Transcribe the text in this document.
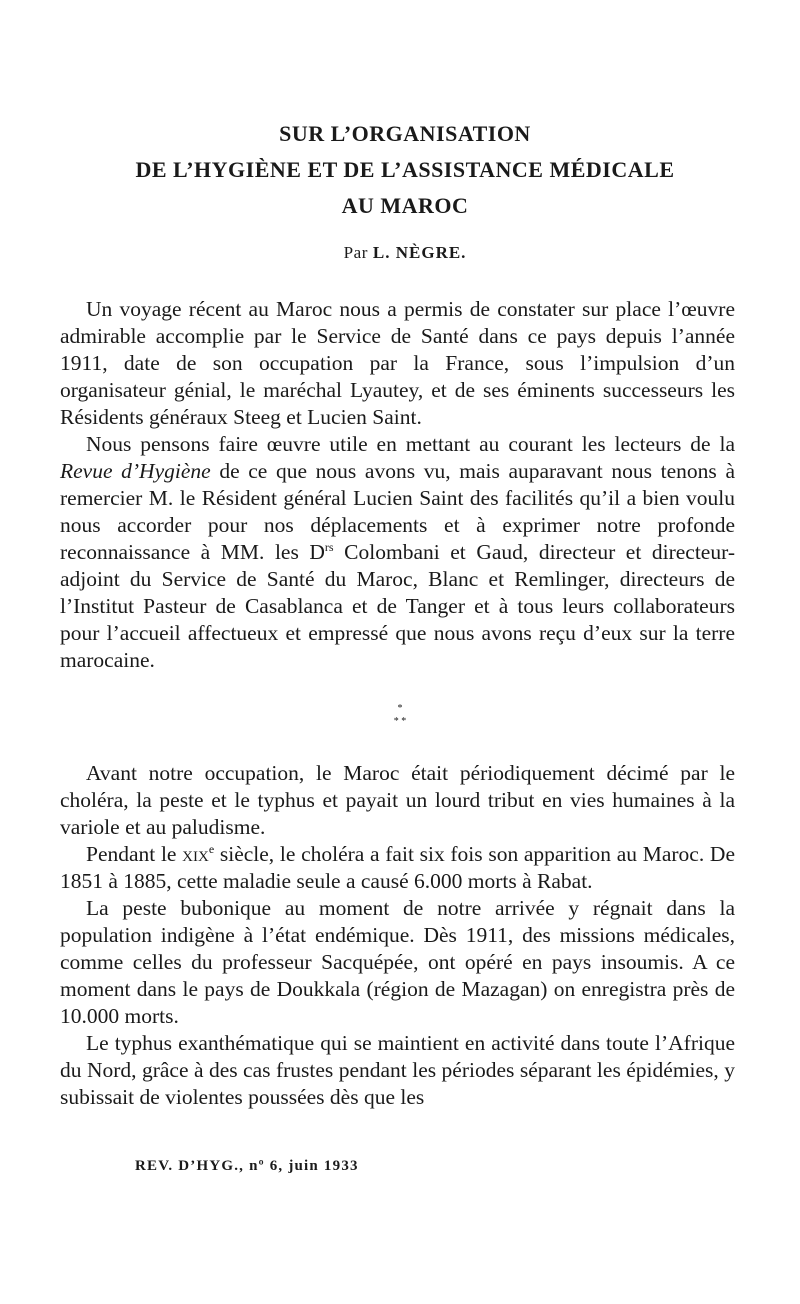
SUR L’ORGANISATION
DE L’HYGIÈNE ET DE L’ASSISTANCE MÉDICALE
AU MAROC
Par L. NÈGRE.

Un voyage récent au Maroc nous a permis de constater sur place l’œuvre admirable accomplie par le Service de Santé dans ce pays depuis l’année 1911, date de son occupation par la France, sous l’impulsion d’un organisateur génial, le maréchal Lyautey, et de ses éminents successeurs les Résidents généraux Steeg et Lucien Saint.

Nous pensons faire œuvre utile en mettant au courant les lecteurs de la Revue d’Hygiène de ce que nous avons vu, mais auparavant nous tenons à remercier M. le Résident général Lucien Saint des facilités qu’il a bien voulu nous accorder pour nos déplacements et à exprimer notre profonde reconnaissance à MM. les $D^{rs}$ Colombani et Gaud, directeur et directeur-adjoint du Service de Santé du Maroc, Blanc et Remlinger, directeurs de l’Institut Pasteur de Casablanca et de Tanger et à tous leurs collaborateurs pour l’accueil affectueux et empressé que nous avons reçu d’eux sur la terre marocaine.

*
* *

Avant notre occupation, le Maroc était périodiquement décimé par le choléra, la peste et le typhus et payait un lourd tribut en vies humaines à la variole et au paludisme.

Pendant le xix$^e$ siècle, le choléra a fait six fois son apparition au Maroc. De 1851 à 1885, cette maladie seule a causé 6.000 morts à Rabat.

La peste bubonique au moment de notre arrivée y régnait dans la population indigène à l’état endémique. Dès 1911, des missions médicales, comme celles du professeur Sacquépée, ont opéré en pays insoumis. A ce moment dans le pays de Doukkala (région de Mazagan) on enregistra près de 10.000 morts.

Le typhus exanthématique qui se maintient en activité dans toute l’Afrique du Nord, grâce à des cas frustes pendant les périodes séparant les épidémies, y subissait de violentes poussées dès que les

REV. D’HYG., nº 6, juin 1933
